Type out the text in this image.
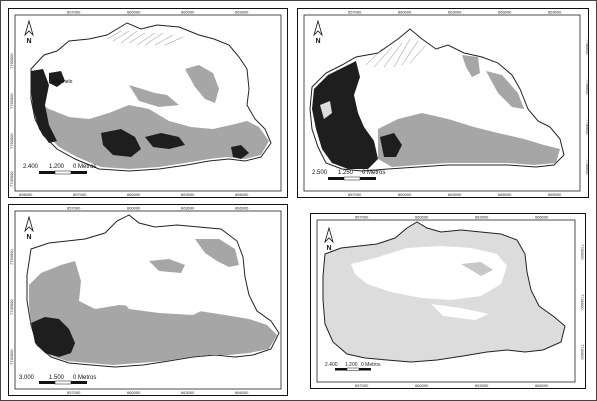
N
Marmelo
2.400 1.200 0 Metros
607000	660000	660000	669000
656000	657000	660000	663000	666000
7760000
7755000
7750000
7745000
N
2.500 1.250 0 Metros
657000	660000	663000	666000	669000
657000	660000	663000	666000	669000
7760000
7755000
7750000
7745000
N
3.000 1.500 0 Metros
657000	660000	663000	666000
657000	660000	663000	666000
7750000
7745000
7740000
N
2.400 1.200 0 Metros
657000	660000	663000	666000
657000	660000	663000	666000
7750000
7745000
7740000
